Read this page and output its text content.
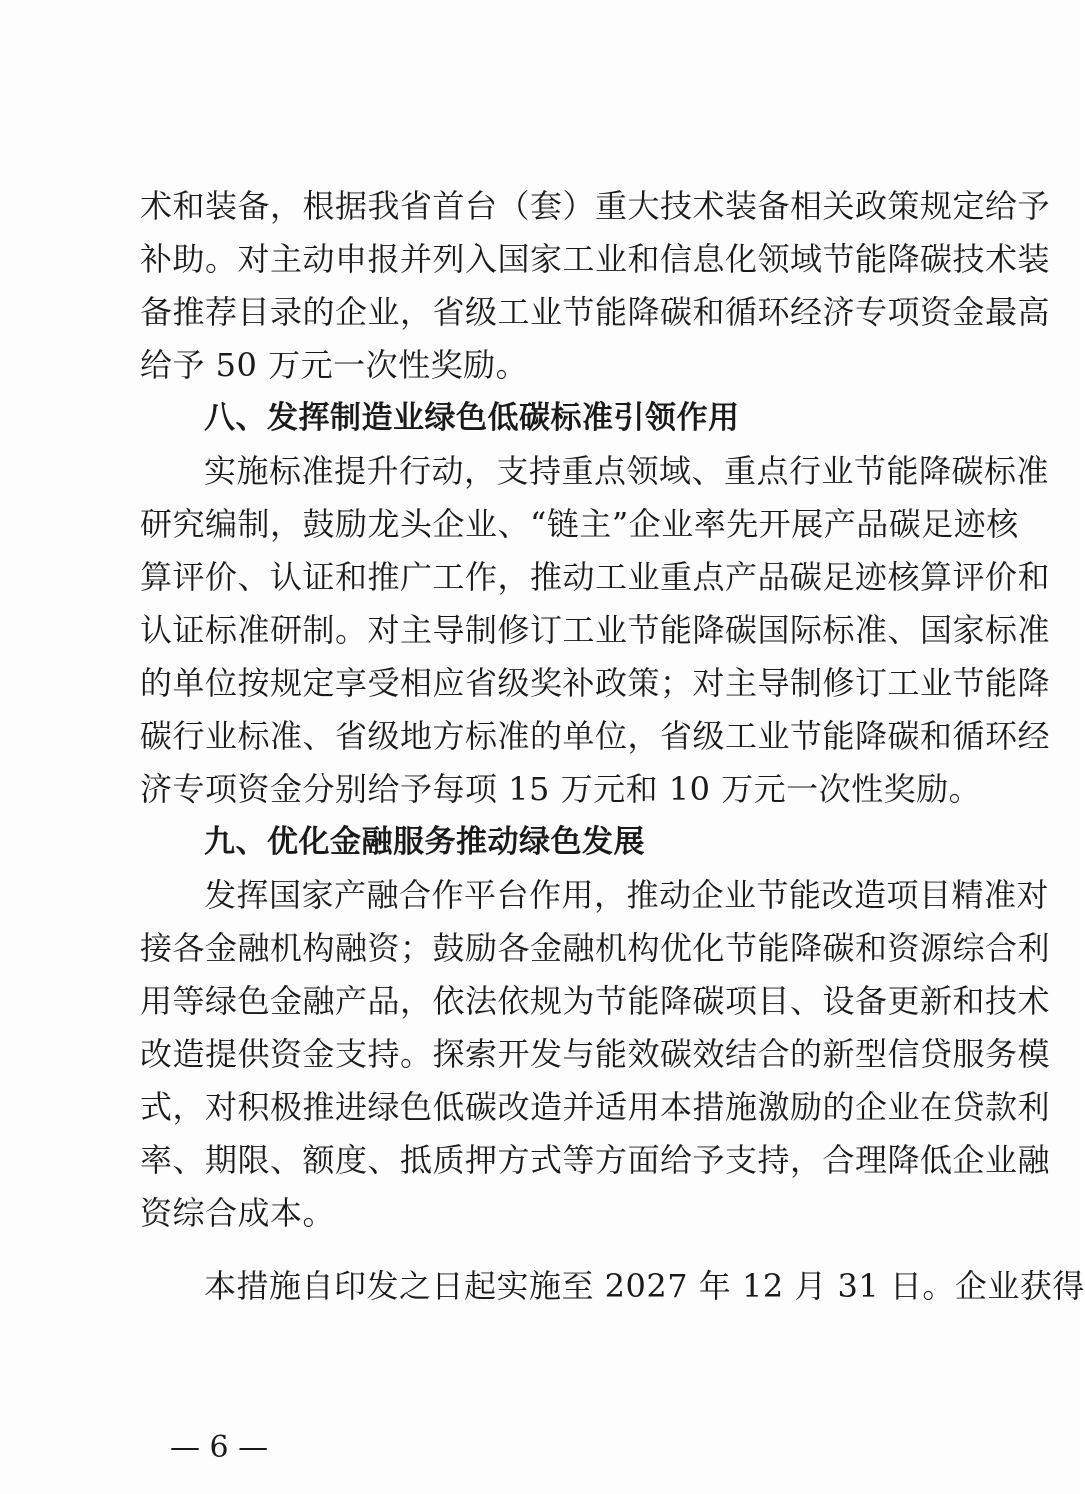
术和装备，根据我省首台（套）重大技术装备相关政策规定给予
补助。对主动申报并列入国家工业和信息化领域节能降碳技术装
备推荐目录的企业，省级工业节能降碳和循环经济专项资金最高
给予 50 万元一次性奖励。
八、发挥制造业绿色低碳标准引领作用
实施标准提升行动，支持重点领域、重点行业节能降碳标准
研究编制，鼓励龙头企业、“链主”企业率先开展产品碳足迹核
算评价、认证和推广工作，推动工业重点产品碳足迹核算评价和
认证标准研制。对主导制修订工业节能降碳国际标准、国家标准
的单位按规定享受相应省级奖补政策；对主导制修订工业节能降
碳行业标准、省级地方标准的单位，省级工业节能降碳和循环经
济专项资金分别给予每项 15 万元和 10 万元一次性奖励。
九、优化金融服务推动绿色发展
发挥国家产融合作平台作用，推动企业节能改造项目精准对
接各金融机构融资；鼓励各金融机构优化节能降碳和资源综合利
用等绿色金融产品，依法依规为节能降碳项目、设备更新和技术
改造提供资金支持。探索开发与能效碳效结合的新型信贷服务模
式，对积极推进绿色低碳改造并适用本措施激励的企业在贷款利
率、期限、额度、抵质押方式等方面给予支持，合理降低企业融
资综合成本。
本措施自印发之日起实施至 2027 年 12 月 31 日。企业获得
— 6 —
